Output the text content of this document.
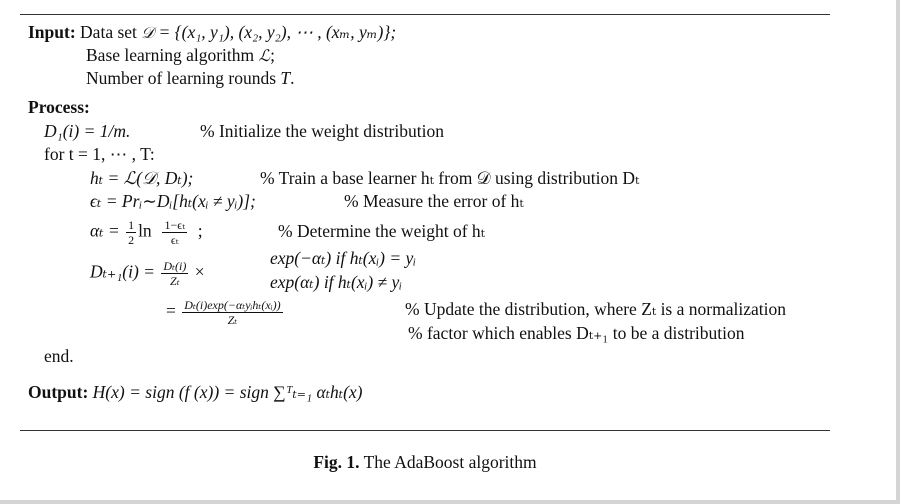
Input: Data set 𝒟 = {(x₁, y₁), (x₂, y₂), ⋯ , (xₘ, yₘ)};
Base learning algorithm ℒ;
Number of learning rounds T.
Process:
D₁(i) = 1/m.	% Initialize the weight distribution
for t = 1, ⋯ , T:
hₜ = ℒ(𝒟, Dₜ);	% Train a base learner hₜ from 𝒟 using distribution Dₜ
ϵₜ = Prᵢ∼Dᵢ[hₜ(xᵢ ≠ yᵢ)];	% Measure the error of hₜ
$\alpha_t = \frac{1}{2}$ $\ln \frac{\text{1−ϵₜ}}{\text{ϵₜ}}$ ;	% Determine the weight of hₜ
$D_{t+1}(i) = \frac{\text{Dₜ(i)}}{\text{Zₜ}}$ ×
exp(−αₜ) if hₜ(xᵢ) = yᵢ
exp(αₜ) if hₜ(xᵢ) ≠ yᵢ
= $\frac{\text{Dₜ(i)exp(−αₜyᵢhₜ(xᵢ))}}{\text{Zₜ}}$	% Update the distribution, where Zₜ is a normalization
% factor which enables Dₜ₊₁ to be a distribution
end.
Output: H(x) = sign (f (x)) = sign ∑ᵀₜ₌₁ αₜhₜ(x)
Fig. 1. The AdaBoost algorithm
